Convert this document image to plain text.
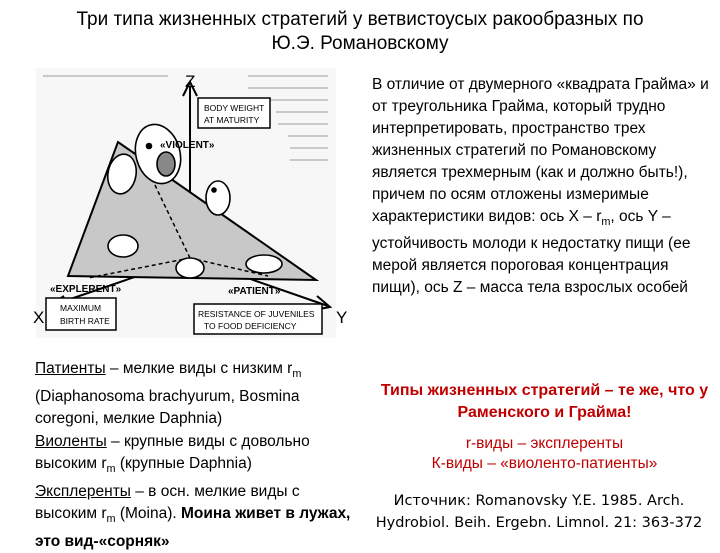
Три типа жизненных стратегий у ветвистоусых ракообразных по
Ю.Э. Романовскому
BODY WEIGHT
AT MATURITY
MAXIMUM
BIRTH RATE
RESISTANCE OF JUVENILES
TO FOOD DEFICIENCY
«VIOLENT»
«EXPLERENT»	«PATIENT»
Z
X	Y
В отличие от двумерного «квадрата Грайма» и от треугольника Грайма, который трудно интерпретировать, пространство трех жизненных стратегий по Романовскому является трехмерным (как и должно быть!), причем по осям отложены измеримые характеристики видов: ось X – $r_m$, ось Y – устойчивость молоди к недостатку пищи (ее мерой является пороговая концентрация пищи), ось Z – масса тела взрослых особей
Патиенты – мелкие виды с низким $r_m$ (Diaphanosoma brachyurum, Bosmina coregoni, мелкие Daphnia)
Виоленты – крупные виды с довольно высоким $r_m$ (крупные Daphnia)
Эксплеренты – в осн. мелкие виды с высоким $r_m$ (Moina). Моина живет в лужах, это вид-«сорняк»
Типы жизненных стратегий – те же, что у Раменского и Грайма!
r-виды – эксплеренты
К-виды – «виоленто-патиенты»
Источник: Romanovsky Y.E. 1985. Arch.
Hydrobiol. Beih. Ergebn. Limnol. 21: 363-372
